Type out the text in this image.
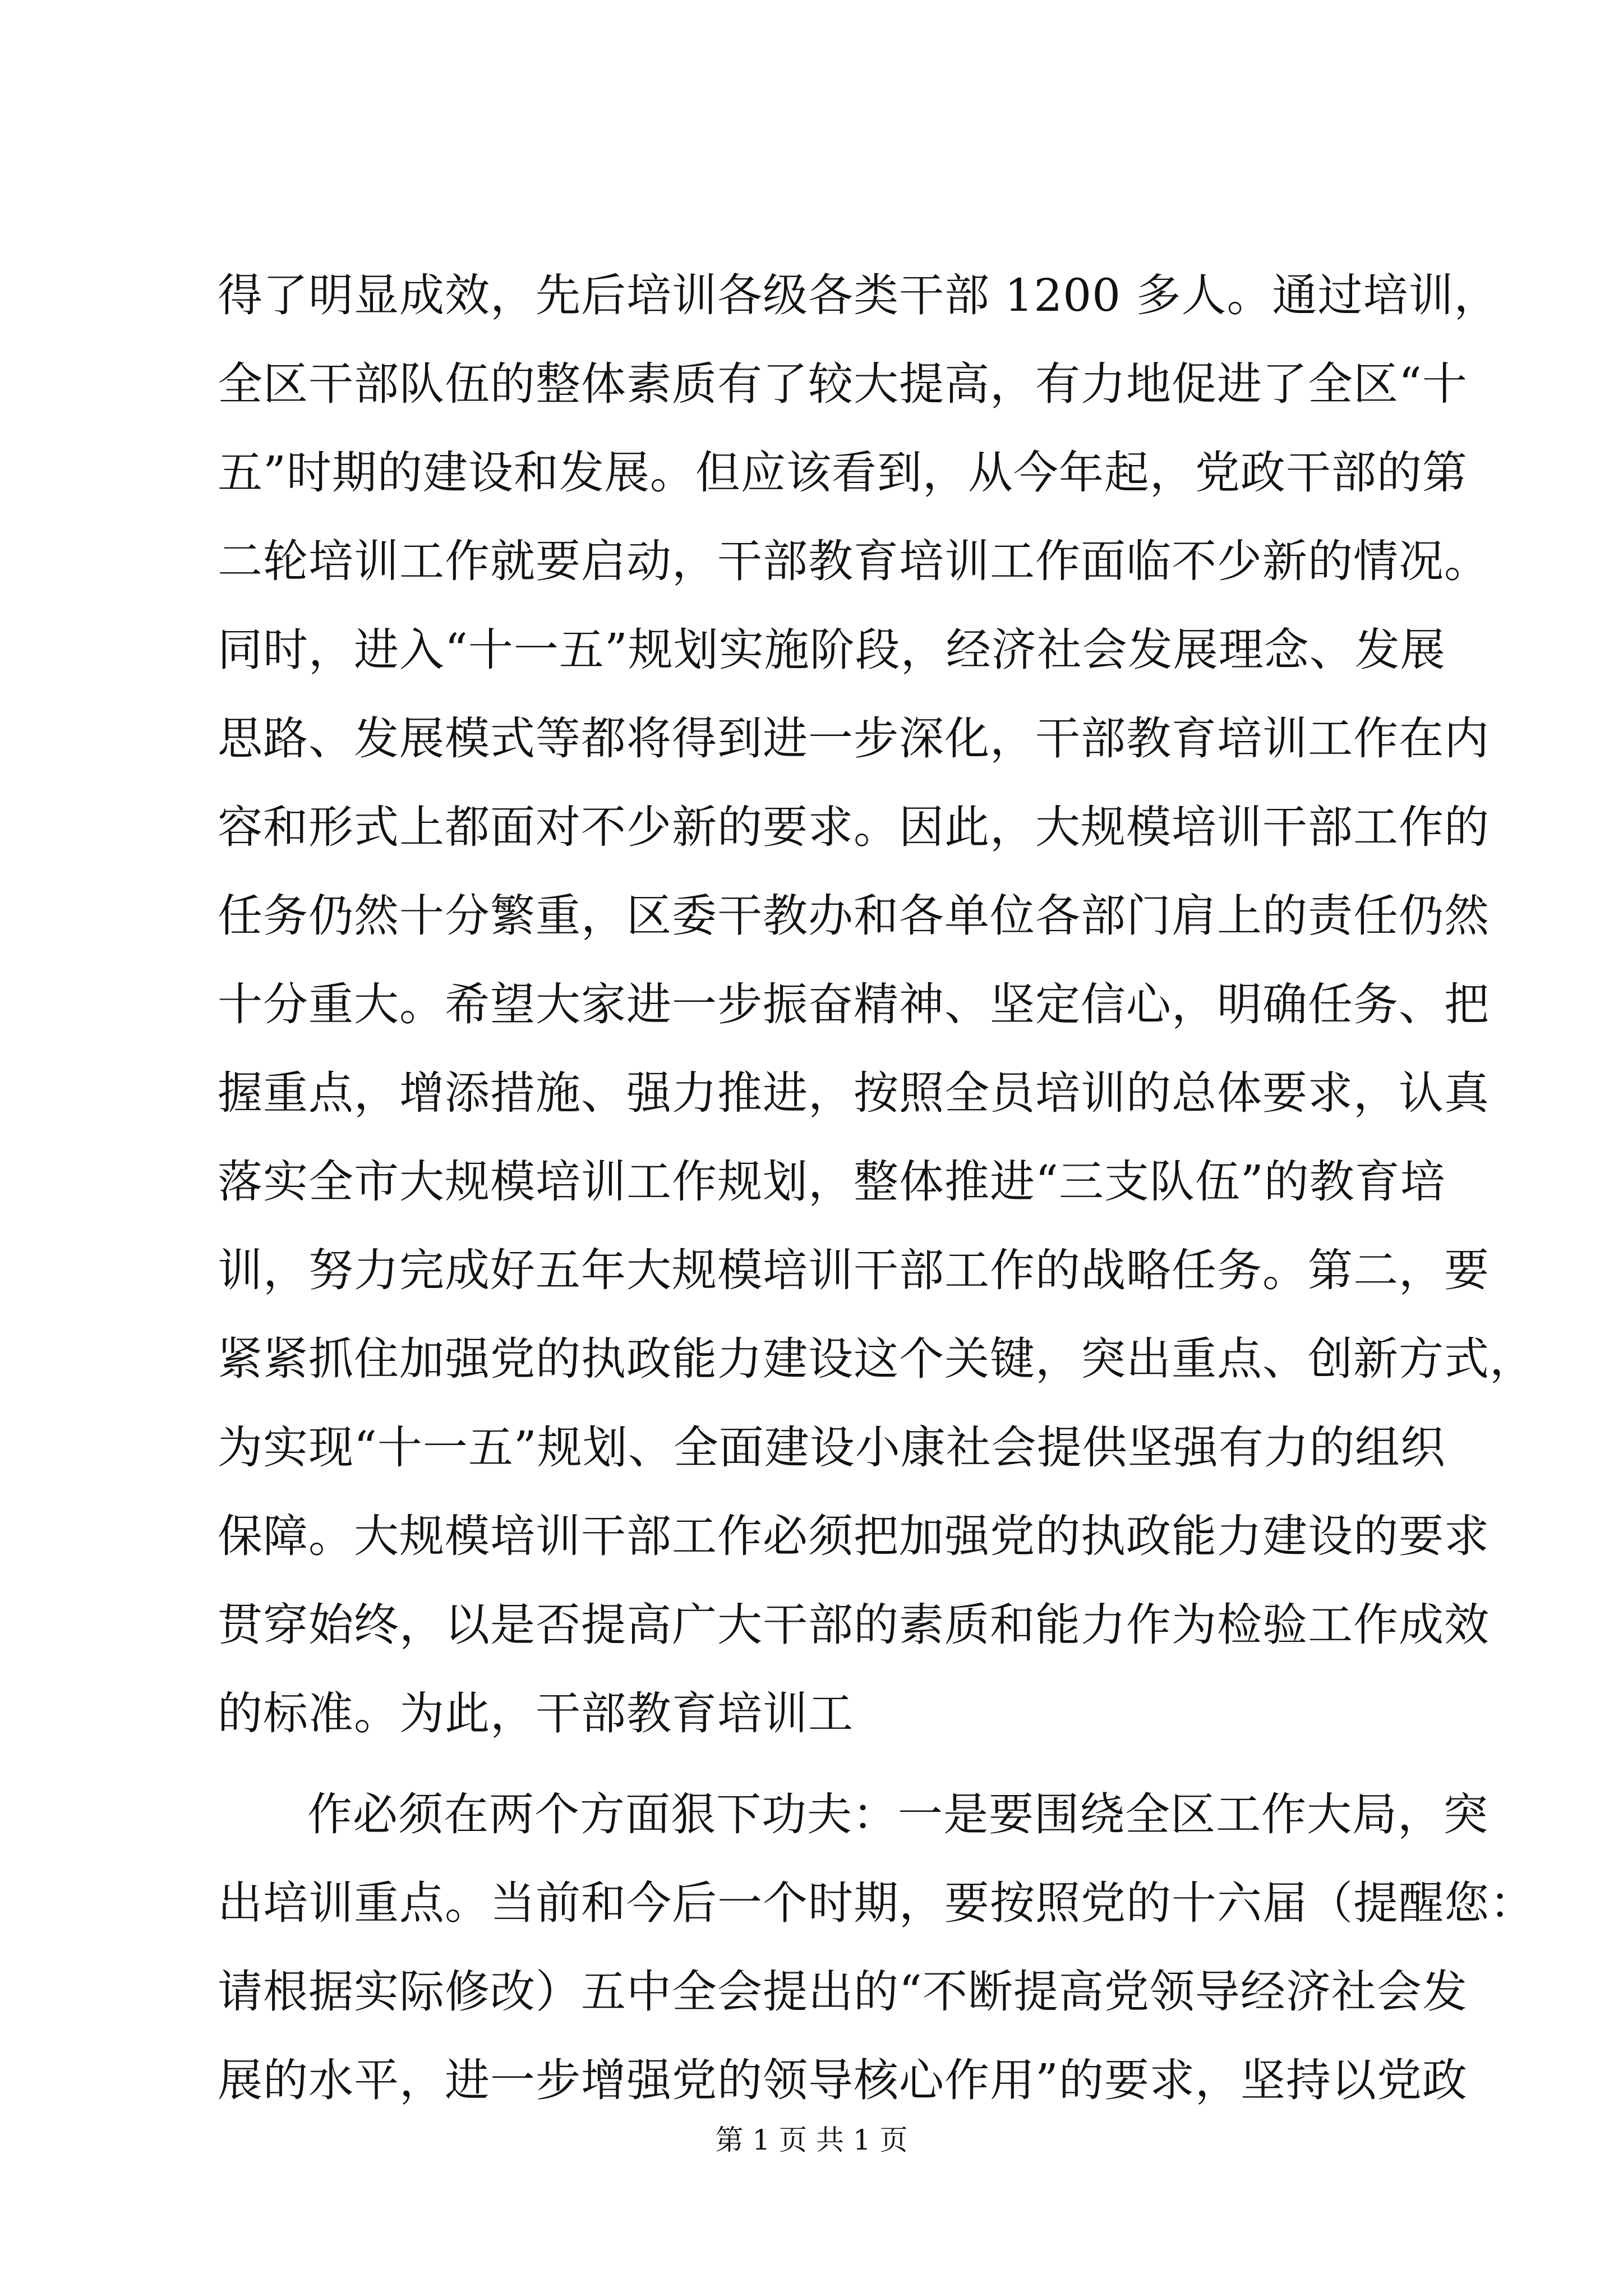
得了明显成效，先后培训各级各类干部 1200 多人。通过培训，
全区干部队伍的整体素质有了较大提高，有力地促进了全区“十
五”时期的建设和发展。但应该看到，从今年起，党政干部的第
二轮培训工作就要启动，干部教育培训工作面临不少新的情况。
同时，进入“十一五”规划实施阶段，经济社会发展理念、发展
思路、发展模式等都将得到进一步深化，干部教育培训工作在内
容和形式上都面对不少新的要求。因此，大规模培训干部工作的
任务仍然十分繁重，区委干教办和各单位各部门肩上的责任仍然
十分重大。希望大家进一步振奋精神、坚定信心，明确任务、把
握重点，增添措施、强力推进，按照全员培训的总体要求，认真
落实全市大规模培训工作规划，整体推进“三支队伍”的教育培
训，努力完成好五年大规模培训干部工作的战略任务。第二，要
紧紧抓住加强党的执政能力建设这个关键，突出重点、创新方式，
为实现“十一五”规划、全面建设小康社会提供坚强有力的组织
保障。大规模培训干部工作必须把加强党的执政能力建设的要求
贯穿始终，以是否提高广大干部的素质和能力作为检验工作成效
的标准。为此，干部教育培训工
作必须在两个方面狠下功夫：一是要围绕全区工作大局，突
出培训重点。当前和今后一个时期，要按照党的十六届（提醒您：
请根据实际修改）五中全会提出的“不断提高党领导经济社会发
展的水平，进一步增强党的领导核心作用”的要求，坚持以党政
第 1 页 共 1 页
